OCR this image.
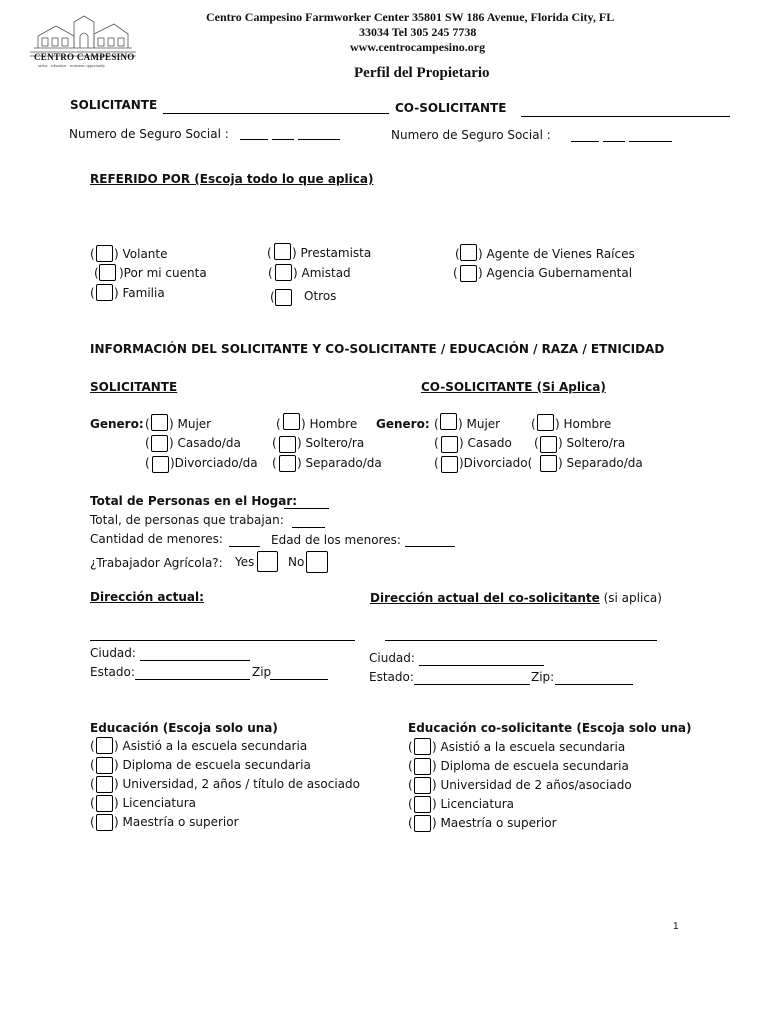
CENTRO CAMPESINO
safety · education · economic opportunity
Centro Campesino Farmworker Center 35801 SW 186 Avenue, Florida City, FL
33034 Tel 305 245 7738
www.centrocampesino.org
Perfil del Propietario
SOLICITANTE	CO-SOLICITANTE
Numero de Seguro Social :	Numero de Seguro Social :
REFERIDO POR (Escoja todo lo que aplica)
( ) Volante
( )Por mi cuenta
( ) Familia
( ) Prestamista
( ) Amistad
( Otros
( ) Agente de Vienes Raíces
( ) Agencia Gubernamental
INFORMACIÓN DEL SOLICITANTE Y CO-SOLICITANTE / EDUCACIÓN / RAZA / ETNICIDAD
SOLICITANTE	CO-SOLICITANTE (Si Aplica)
Genero: ( ) Mujer	( ) Hombre
( ) Casado/da	( ) Soltero/ra
( )Divorciado/da ( ) Separado/da
Genero: ( ) Mujer	( ) Hombre
( ) Casado ( ) Soltero/ra
( )Divorciado( ) Separado/da
Total de Personas en el Hogar:
Total, de personas que trabajan:
Cantidad de menores:	Edad de los menores:
¿Trabajador Agrícola?: Yes	No
Dirección actual:	Dirección actual del co-solicitante (si aplica)
Ciudad:
Estado:	Zip
Ciudad:
Estado:	Zip:
Educación (Escoja solo una)	Educación co-solicitante (Escoja solo una)
( ) Asistió a la escuela secundaria
( ) Diploma de escuela secundaria
( ) Universidad, 2 años / título de asociado
( ) Licenciatura
( ) Maestría o superior
( ) Asistió a la escuela secundaria
( ) Diploma de escuela secundaria
( ) Universidad de 2 años/asociado
( ) Licenciatura
( ) Maestría o superior
1
